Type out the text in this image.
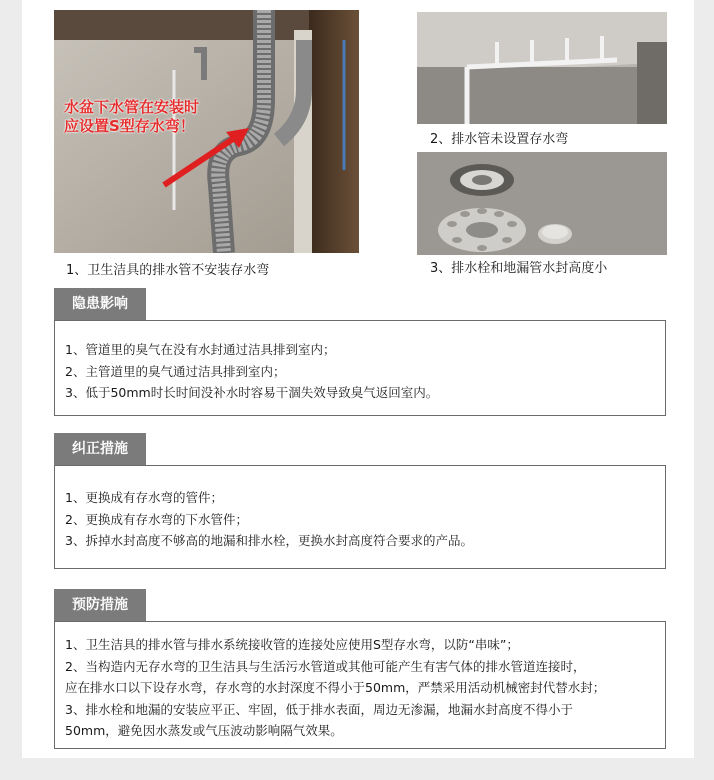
水盆下水管在安装时
应设置S型存水弯！
1、卫生洁具的排水管不安装存水弯
2、排水管未设置存水弯
3、排水栓和地漏管水封高度小
隐患影响
1、管道里的臭气在没有水封通过洁具排到室内；
2、主管道里的臭气通过洁具排到室内；
3、低于50mm时长时间没补水时容易干涸失效导致臭气返回室内。
纠正措施
1、更换成有存水弯的管件；
2、更换成有存水弯的下水管件；
3、拆掉水封高度不够高的地漏和排水栓，更换水封高度符合要求的产品。
预防措施
1、卫生洁具的排水管与排水系统接收管的连接处应使用S型存水弯，以防“串味”；
2、当构造内无存水弯的卫生洁具与生活污水管道或其他可能产生有害气体的排水管道连接时，
应在排水口以下设存水弯，存水弯的水封深度不得小于50mm，严禁采用活动机械密封代替水封；
3、排水栓和地漏的安装应平正、牢固，低于排水表面，周边无渗漏，地漏水封高度不得小于
50mm，避免因水蒸发或气压波动影响隔气效果。
